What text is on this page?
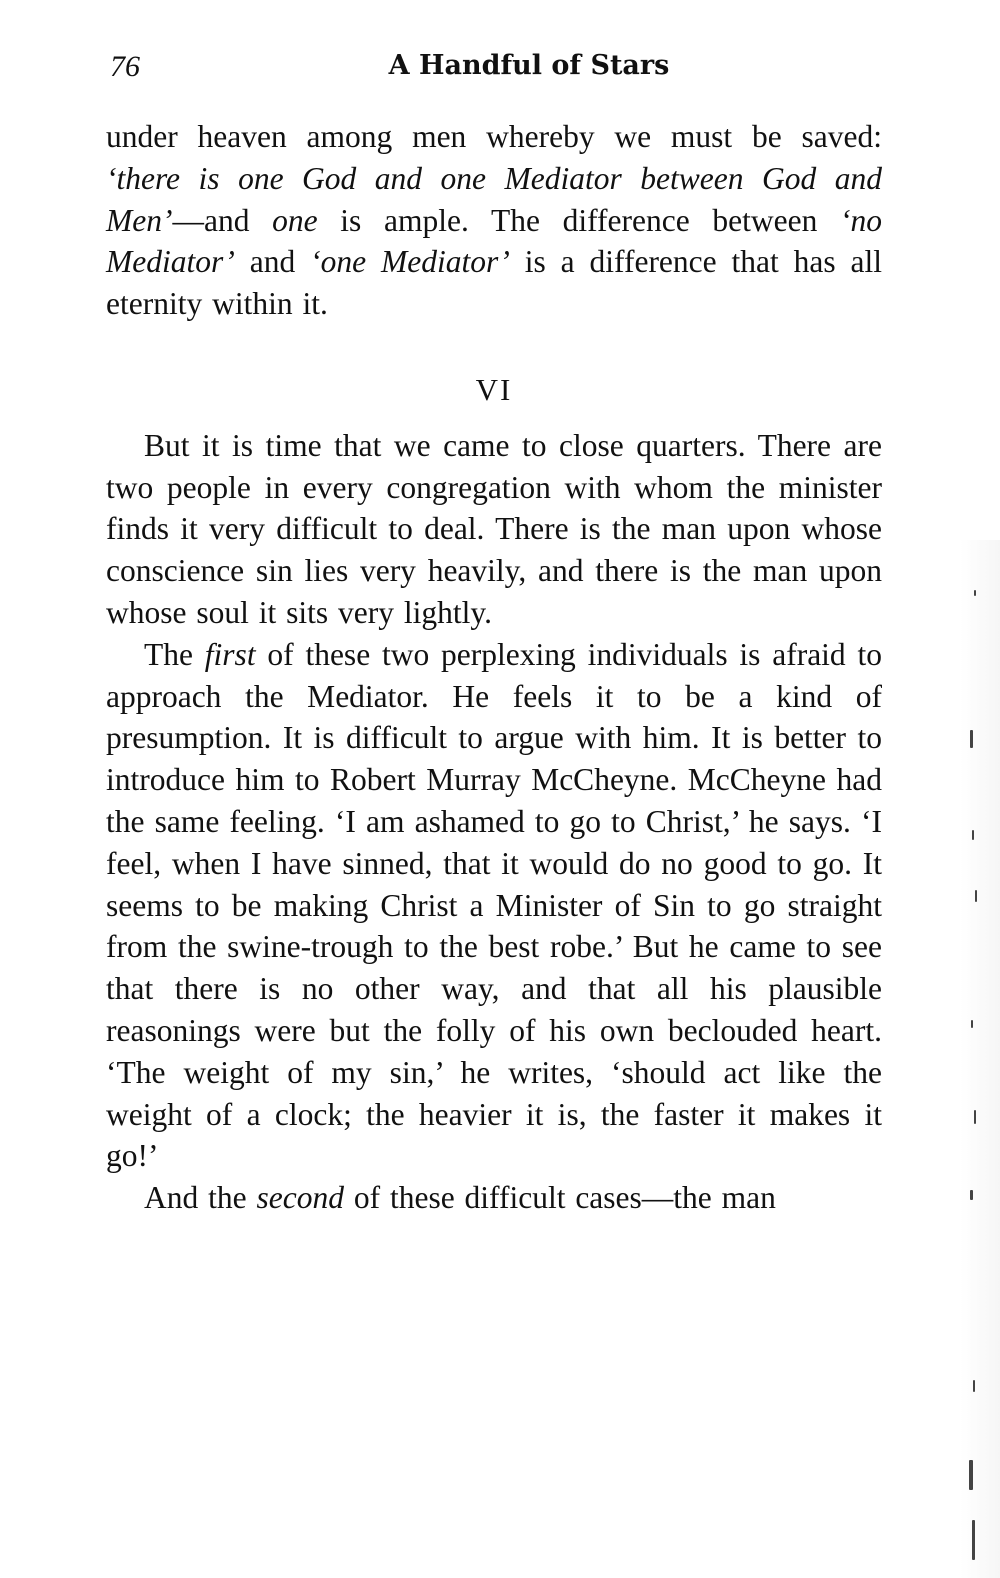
76	A Handful of Stars

under heaven among men whereby we must be saved: ‘there is one God and one Mediator between God and Men’—and one is ample. The difference between ‘no Mediator’ and ‘one Mediator’ is a difference that has all eternity within it.

VI

But it is time that we came to close quarters. There are two people in every congregation with whom the minister finds it very difficult to deal. There is the man upon whose conscience sin lies very heavily, and there is the man upon whose soul it sits very lightly.

The first of these two perplexing individuals is afraid to approach the Mediator. He feels it to be a kind of presumption. It is difficult to argue with him. It is better to introduce him to Robert Murray McCheyne. McCheyne had the same feeling. ‘I am ashamed to go to Christ,’ he says. ‘I feel, when I have sinned, that it would do no good to go. It seems to be making Christ a Minister of Sin to go straight from the swine-trough to the best robe.’ But he came to see that there is no other way, and that all his plausible reasonings were but the folly of his own beclouded heart. ‘The weight of my sin,’ he writes, ‘should act like the weight of a clock; the heavier it is, the faster it makes it go!’

And the second of these difficult cases—the man
